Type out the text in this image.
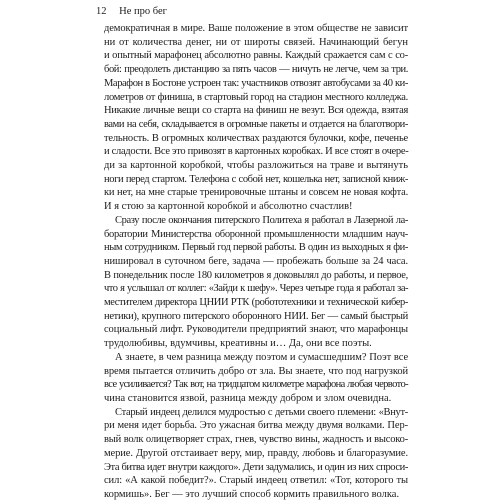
12 Не про бег
демократичная в мире. Ваше положение в этом обществе не зависит
ни от количества денег, ни от широты связей. Начинающий бегун
и опытный марафонец абсолютно равны. Каждый сражается сам с со-
бой: преодолеть дистанцию за пять часов — ничуть не легче, чем за три.
Марафон в Бостоне устроен так: участников отвозят автобусами за 40 ки-
лометров от финиша, в стартовый город на стадион местного колледжа.
Никакие личные вещи со старта на финиш не везут. Вся одежда, взятая
вами на себя, складывается в огромные пакеты и отдается на благотвори-
тельность. В огромных количествах раздаются булочки, кофе, печенье
и сладости. Все это привозят в картонных коробках. И все стоят в очере-
ди за картонной коробкой, чтобы разложиться на траве и вытянуть
ноги перед стартом. Телефона с собой нет, кошелька нет, записной книж-
ки нет, на мне старые тренировочные штаны и совсем не новая кофта.
И я стою за картонной коробкой и абсолютно счастлив!
Сразу после окончания питерского Политеха я работал в Лазерной ла-
боратории Министерства оборонной промышленности младшим науч-
ным сотрудником. Первый год первой работы. В один из выходных я фи-
нишировал в суточном беге, задача — пробежать больше за 24 часа.
В понедельник после 180 километров я доковылял до работы, и первое,
что я услышал от коллег: «Зайди к шефу». Через четыре года я работал за-
местителем директора ЦНИИ РТК (робототехники и технической кибер-
нетики), крупного питерского оборонного НИИ. Бег — самый быстрый
социальный лифт. Руководители предприятий знают, что марафонцы
трудолюбивы, вдумчивы, креативны и… Да, они все поэты.
А знаете, в чем разница между поэтом и сумасшедшим? Поэт все
время пытается отличить добро от зла. Вы знаете, что под нагрузкой
все усиливается? Так вот, на тридцатом километре марафона любая червото-
чина становится язвой, разница между добром и злом очевидна.
Старый индеец делился мудростью с детьми своего племени: «Внут-
ри меня идет борьба. Это ужасная битва между двумя волками. Пер-
вый волк олицетворяет страх, гнев, чувство вины, жадность и высоко-
мерие. Другой отстаивает веру, мир, правду, любовь и благоразумие.
Эта битва идет внутри каждого». Дети задумались, и один из них спроси-
сил: «А какой победит?». Старый индеец ответил: «Тот, которого ты
кормишь». Бег — это лучший способ кормить правильного волка.
